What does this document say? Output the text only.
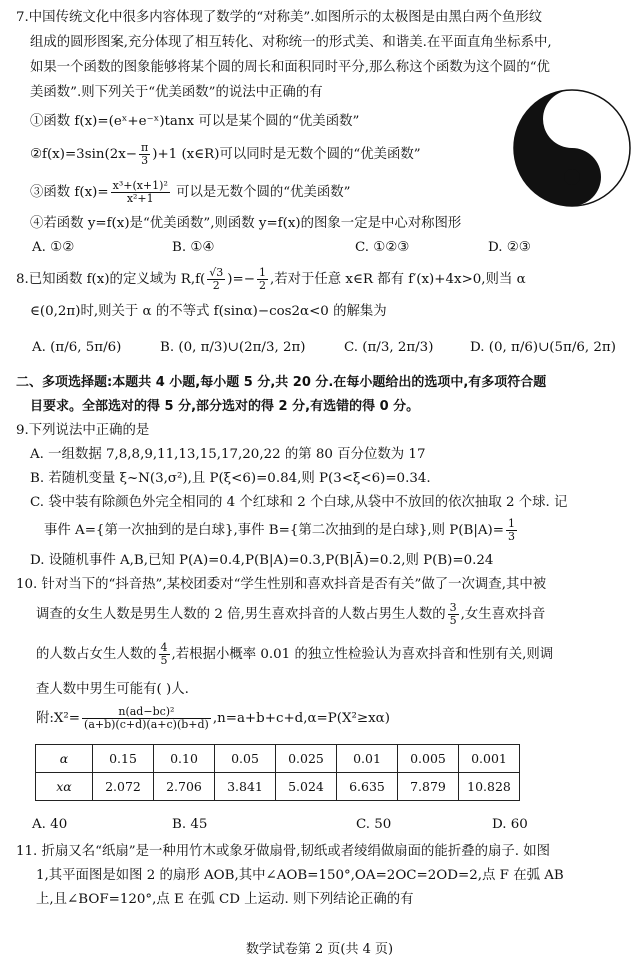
7.中国传统文化中很多内容体现了数学的“对称美”.如图所示的太极图是由黑白两个鱼形纹
组成的圆形图案,充分体现了相互转化、对称统一的形式美、和谐美.在平面直角坐标系中,
如果一个函数的图象能够将某个圆的周长和面积同时平分,那么称这个函数为这个圆的“优
美函数”.则下列关于“优美函数”的说法中正确的有
①函数 f(x)=(eˣ+e⁻ˣ)tanx 可以是某个圆的“优美函数”
②f(x)=3sin(2x− $\frac{\pi}{3} )+1$ (x∈R)可以同时是无数个圆的“优美函数”
③函数 $f(x)= \frac{\text{x³+(x+1)²}}{\text{x²+1}}$ 可以是无数个圆的“优美函数”
④若函数 y=f(x)是“优美函数”,则函数 y=f(x)的图象一定是中心对称图形
A. ①②	B. ①④	C. ①②③	D. ②③
8.已知函数 f(x)的定义域为 $R,f( \frac{√3}{2}$ )=− $\frac{1}{2}$ ,若对于任意 x∈R 都有 f′(x)+4x>0,则当 α
∈(0,2π)时,则关于 α 的不等式 f(sinα)−cos2α<0 的解集为
A. (π/6, 5π/6)	B. (0, π/3)∪(2π/3, 2π)	C. (π/3, 2π/3)	D. (0, π/6)∪(5π/6, 2π)
二、多项选择题:本题共 4 小题,每小题 5 分,共 20 分.在每小题给出的选项中,有多项符合题
目要求。全部选对的得 5 分,部分选对的得 2 分,有选错的得 0 分。
9.下列说法中正确的是
A. 一组数据 7,8,8,9,11,13,15,17,20,22 的第 80 百分位数为 17
B. 若随机变量 ξ~N(3,σ²),且 P(ξ<6)=0.84,则 P(3<ξ<6)=0.34.
C. 袋中装有除颜色外完全相同的 4 个红球和 2 个白球,从袋中不放回的依次抽取 2 个球. 记
事件 A={第一次抽到的是白球},事件 B={第二次抽到的是白球},则 $P(B|A)= \frac{1}{3}$
D. 设随机事件 A,B,已知 P(A)=0.4,P(B|A)=0.3,P(B|Ā)=0.2,则 P(B)=0.24
10. 针对当下的“抖音热”,某校团委对“学生性别和喜欢抖音是否有关”做了一次调查,其中被
调查的女生人数是男生人数的 2 倍,男生喜欢抖音的人数占男生人数的 $\frac{3}{5}$ ,女生喜欢抖音
的人数占女生人数的 $\frac{4}{5}$ ,若根据小概率 0.01 的独立性检验认为喜欢抖音和性别有关,则调
查人数中男生可能有( )人.
附:X²= $\frac{\text{n(ad−bc)²}}{(a+b)(c+d)(a+c)(b+d)} ,n=a+b+c+d,\alpha=P(X^2\ge x\alpha)$
α	0.15	0.10	0.05	0.025	0.01	0.005	0.001
xα	2.072	2.706	3.841	5.024	6.635	7.879	10.828
A. 40	B. 45	C. 50	D. 60
11. 折扇又名“纸扇”是一种用竹木或象牙做扇骨,韧纸或者绫绢做扇面的能折叠的扇子. 如图
1,其平面图是如图 2 的扇形 AOB,其中∠AOB=150°,OA=2OC=2OD=2,点 F 在弧 AB
上,且∠BOF=120°,点 E 在弧 CD 上运动. 则下列结论正确的有
数学试卷第 2 页(共 4 页)
